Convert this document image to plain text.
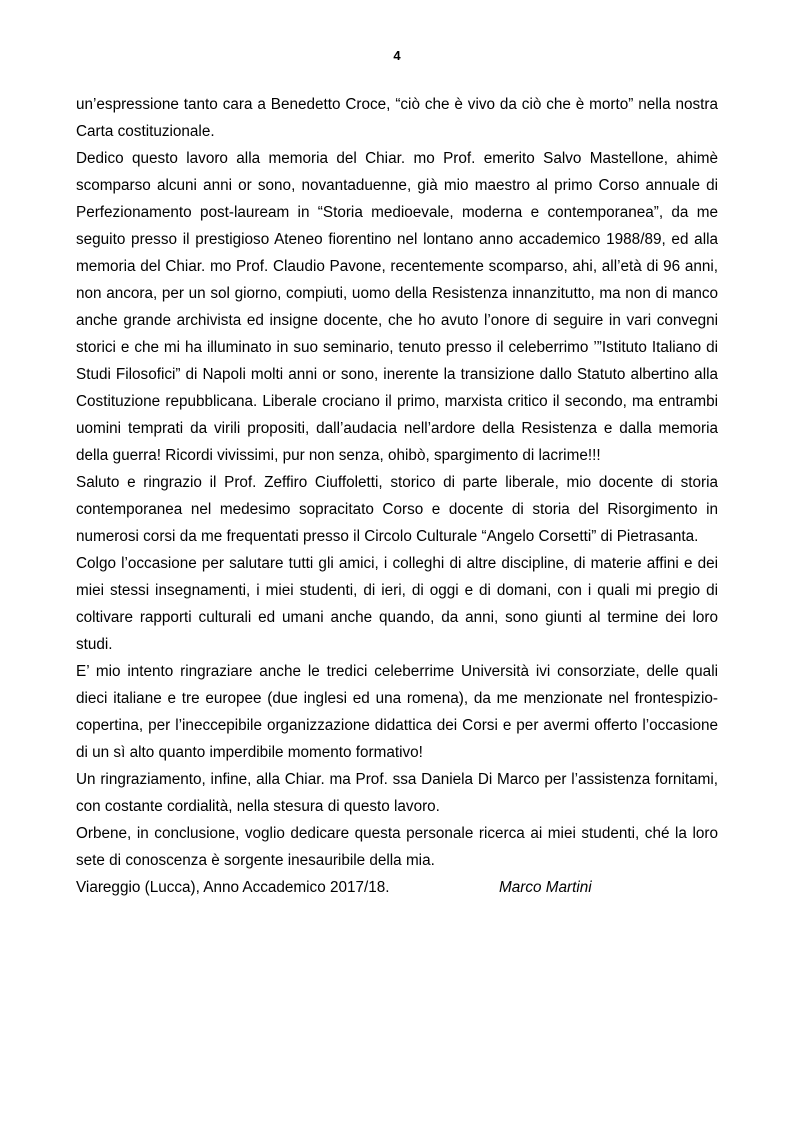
4

un’espressione tanto cara a Benedetto Croce, “ciò che è vivo da ciò che è morto” nella nostra Carta costituzionale.

Dedico questo lavoro alla memoria del Chiar. mo Prof. emerito Salvo Mastellone, ahimè scomparso alcuni anni or sono, novantaduenne, già mio maestro al primo Corso annuale di Perfezionamento post-lauream in “Storia medioevale, moderna e contemporanea”, da me seguito presso il prestigioso Ateneo fiorentino nel lontano anno accademico 1988/89, ed alla memoria del Chiar. mo Prof. Claudio Pavone, recentemente scomparso, ahi, all’età di 96 anni, non ancora, per un sol giorno, compiuti, uomo della Resistenza innanzitutto, ma non di manco anche grande archivista ed insigne docente, che ho avuto l’onore di seguire in vari convegni storici e che mi ha illuminato in suo seminario, tenuto presso il celeberrimo ’”Istituto Italiano di Studi Filosofici” di Napoli molti anni or sono, inerente la transizione dallo Statuto albertino alla Costituzione repubblicana. Liberale crociano il primo, marxista critico il secondo, ma entrambi uomini temprati da virili propositi, dall’audacia nell’ardore della Resistenza e dalla memoria della guerra! Ricordi vivissimi, pur non senza, ohibò, spargimento di lacrime!!!

Saluto e ringrazio il Prof. Zeffiro Ciuffoletti, storico di parte liberale, mio docente di storia contemporanea nel medesimo sopracitato Corso e docente di storia del Risorgimento in numerosi corsi da me frequentati presso il Circolo Culturale “Angelo Corsetti” di Pietrasanta.

Colgo l’occasione per salutare tutti gli amici, i colleghi di altre discipline, di materie affini e dei miei stessi insegnamenti, i miei studenti, di ieri, di oggi e di domani, con i quali mi pregio di coltivare rapporti culturali ed umani anche quando, da anni, sono giunti al termine dei loro studi.

E’ mio intento ringraziare anche le tredici celeberrime Università ivi consorziate, delle quali dieci italiane e tre europee (due inglesi ed una romena), da me menzionate nel frontespizio-copertina, per l’ineccepibile organizzazione didattica dei Corsi e per avermi offerto l’occasione di un sì alto quanto imperdibile momento formativo!

Un ringraziamento, infine, alla Chiar. ma Prof. ssa Daniela Di Marco per l’assistenza fornitami, con costante cordialità, nella stesura di questo lavoro.

Orbene, in conclusione, voglio dedicare questa personale ricerca ai miei studenti, ché la loro sete di conoscenza è sorgente inesauribile della mia.

Viareggio (Lucca), Anno Accademico 2017/18.	Marco Martini
